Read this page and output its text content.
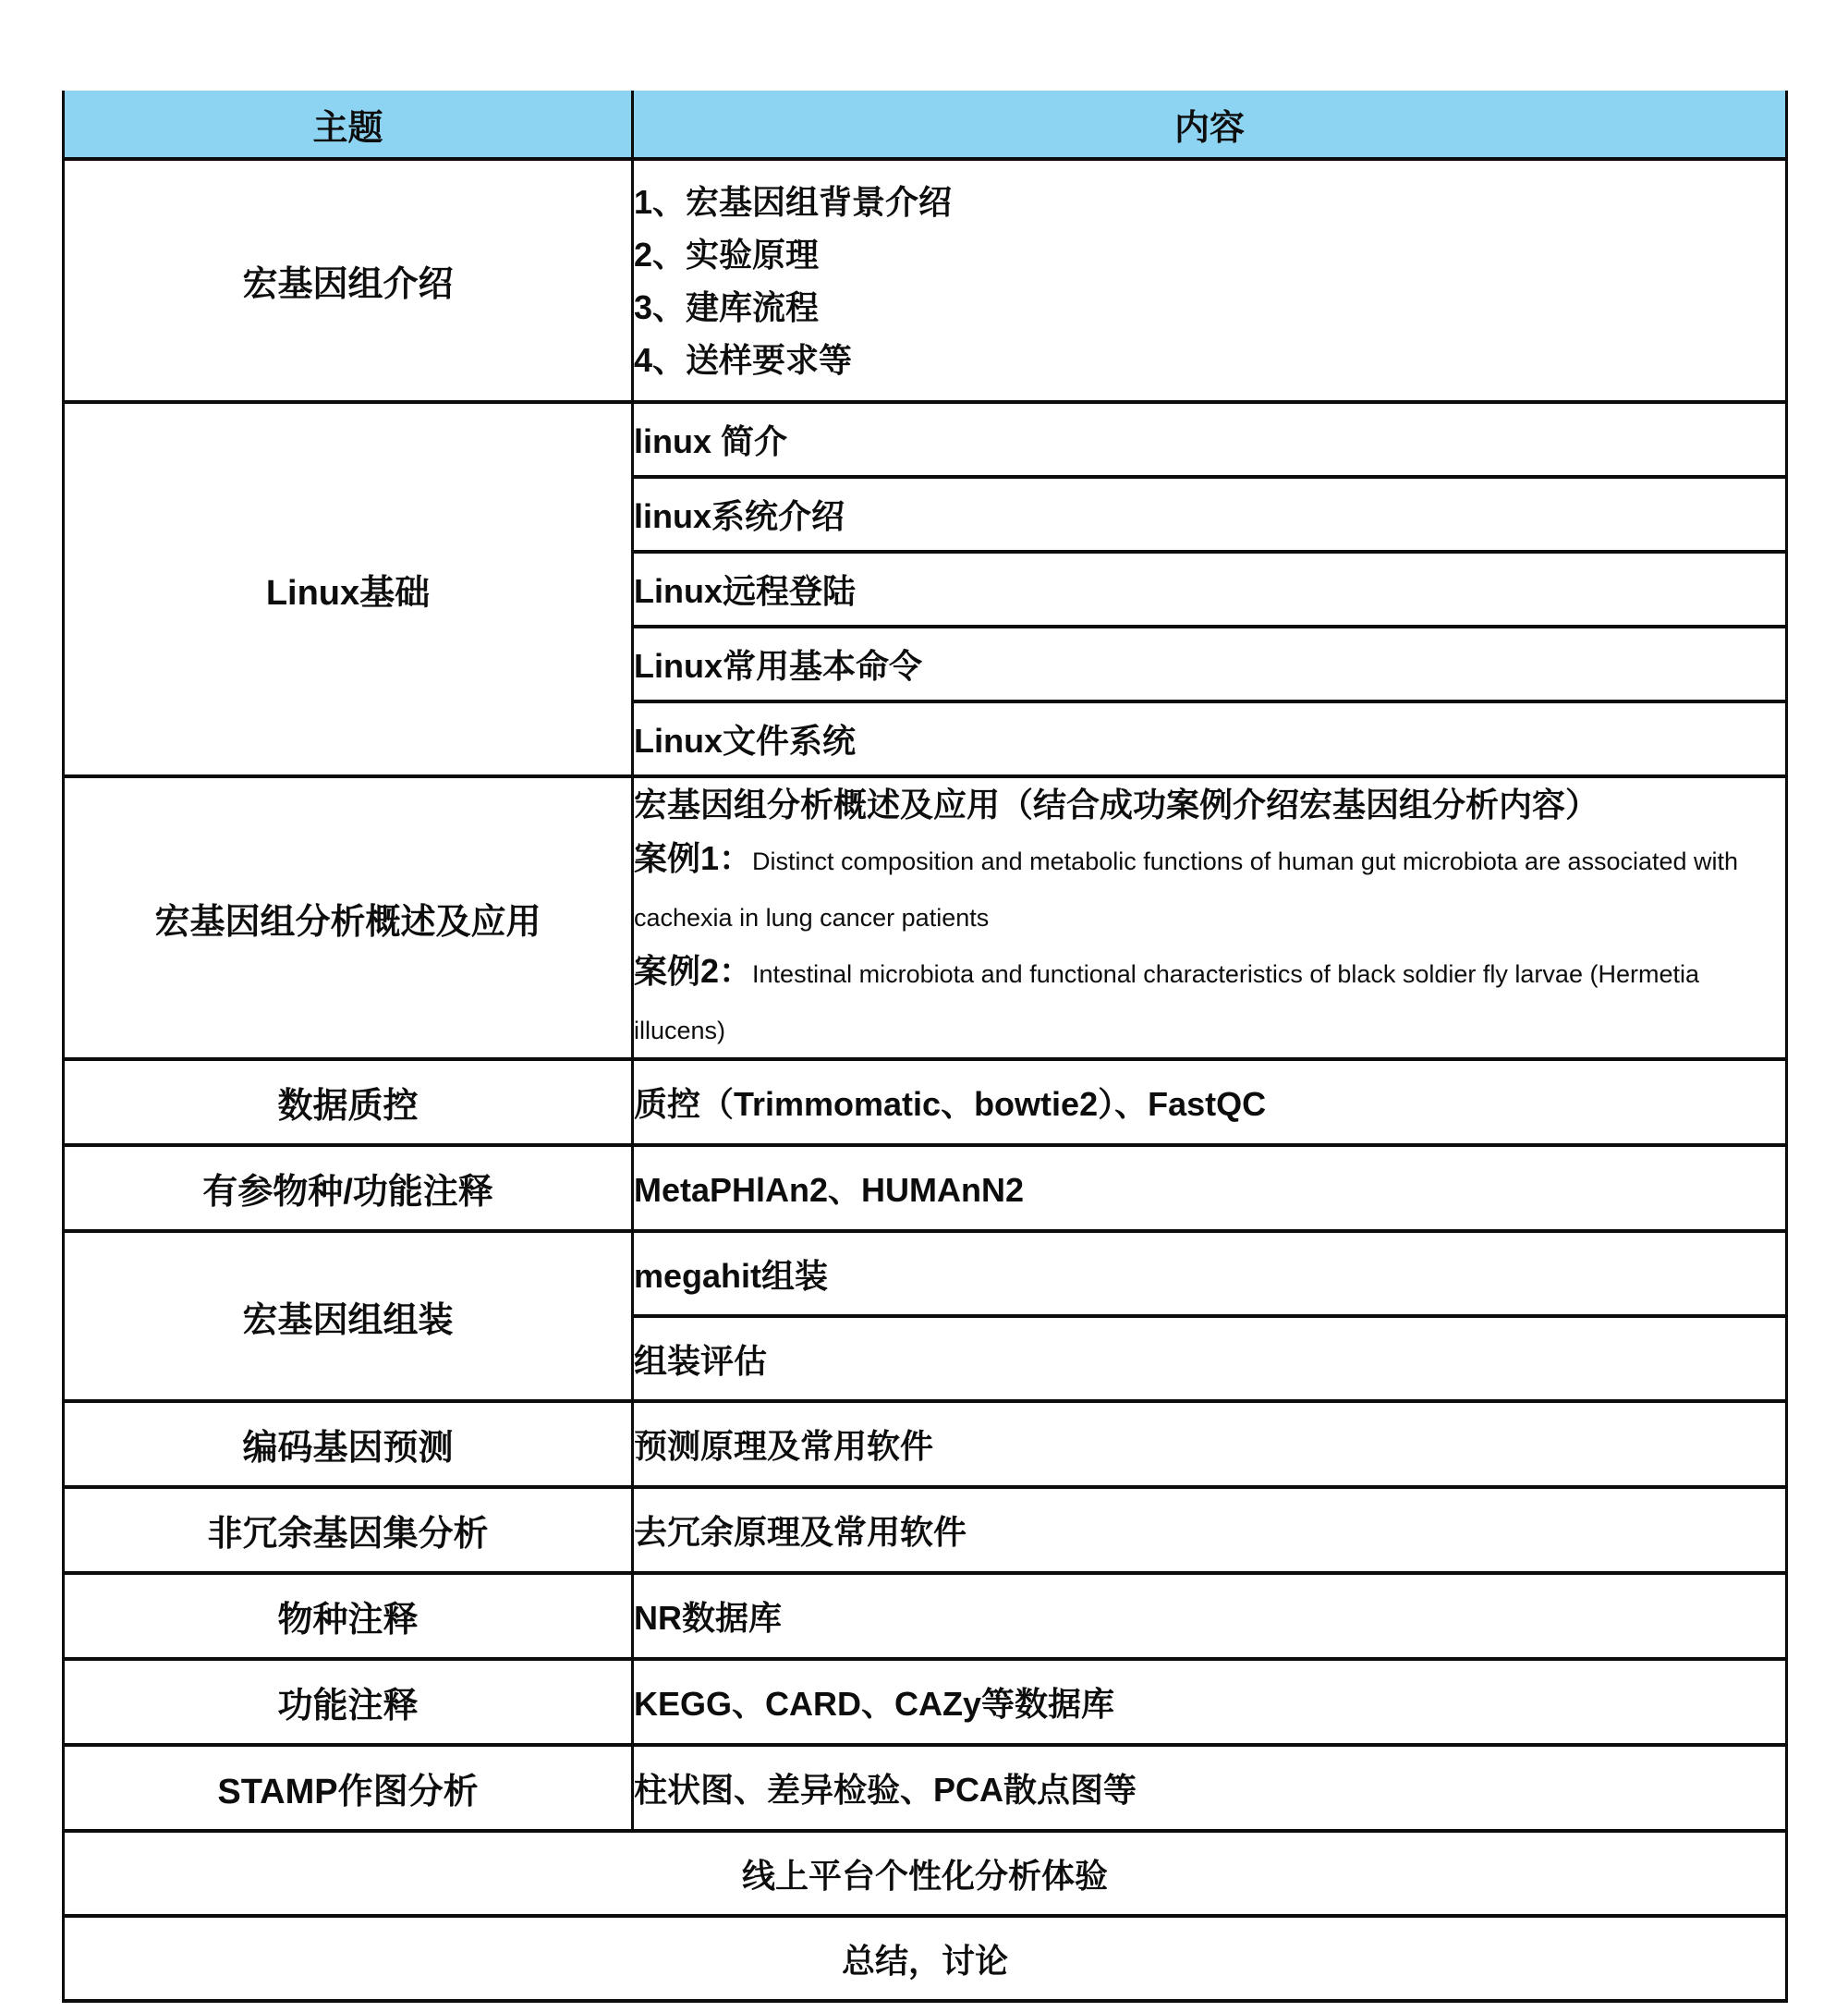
主题	内容
宏基因组介绍	1、宏基因组背景介绍
2、实验原理
3、建库流程
4、送样要求等

Linux基础	linux 简介
	linux系统介绍
	Linux远程登陆
	Linux常用基本命令
	Linux文件系统
宏基因组分析概述及应用	宏基因组分析概述及应用（结合成功案例介绍宏基因组分析内容）

案例1：Distinct composition and metabolic functions of human gut microbiota are associated with cachexia in lung cancer patients

案例2：Intestinal microbiota and functional characteristics of black soldier fly larvae (Hermetia illucens)

数据质控	质控（Trimmomatic、bowtie2）、FastQC
有参物种/功能注释	MetaPHlAn2、HUMAnN2
宏基因组组装	megahit组装
	组装评估
编码基因预测	预测原理及常用软件
非冗余基因集分析	去冗余原理及常用软件
物种注释	NR数据库
功能注释	KEGG、CARD、CAZy等数据库
STAMP作图分析	柱状图、差异检验、PCA散点图等
线上平台个性化分析体验	
总结，讨论	
